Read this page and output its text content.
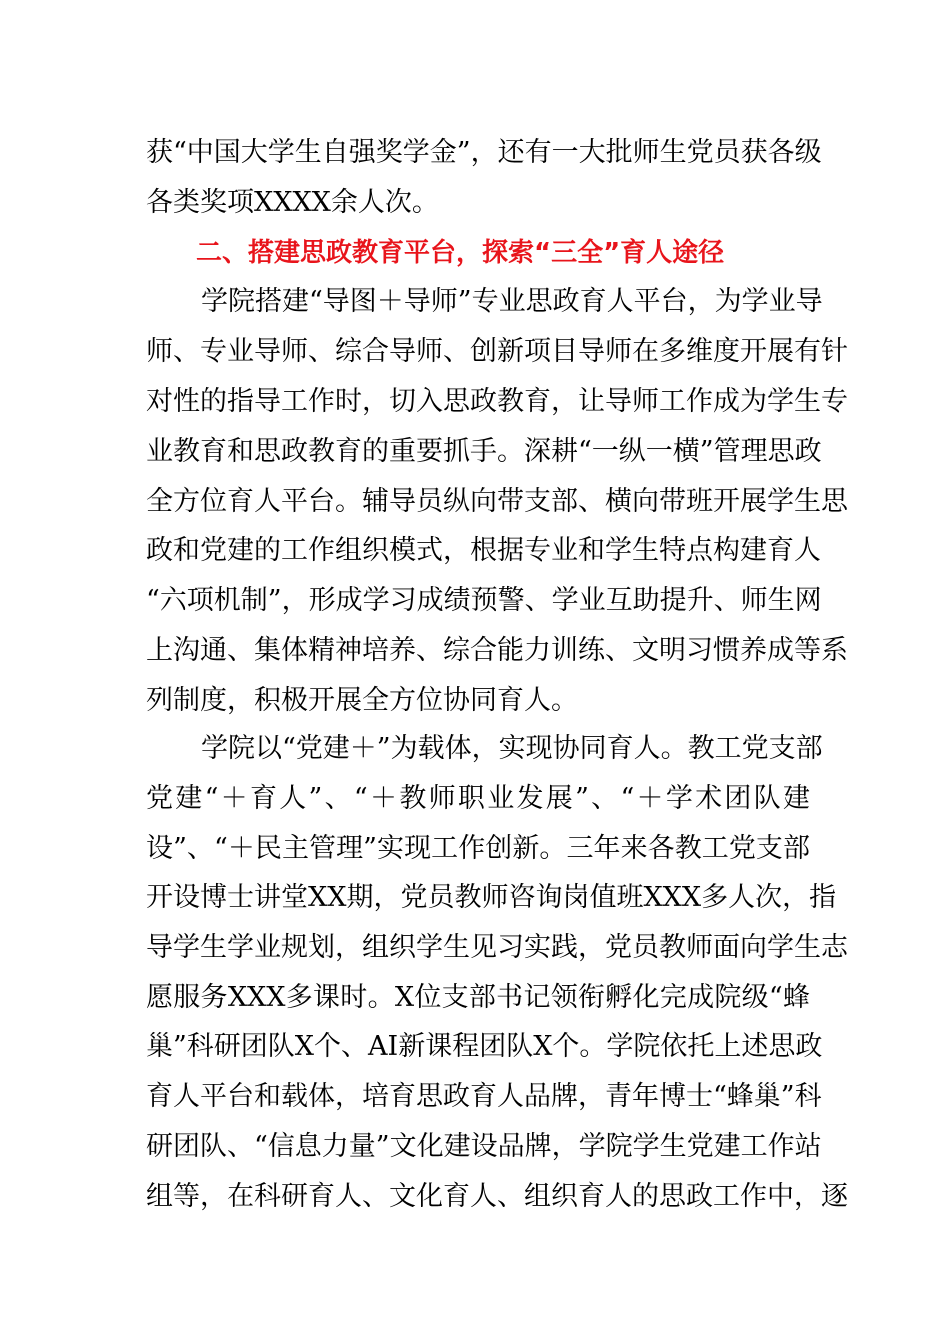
获“中国大学生自强奖学金”，还有一大批师生党员获各级
各类奖项XXXX余人次。
二、搭建思政教育平台，探索“三全”育人途径
学院搭建“导图＋导师”专业思政育人平台，为学业导
师、专业导师、综合导师、创新项目导师在多维度开展有针
对性的指导工作时，切入思政教育，让导师工作成为学生专
业教育和思政教育的重要抓手。深耕“一纵一横”管理思政
全方位育人平台。辅导员纵向带支部、横向带班开展学生思
政和党建的工作组织模式，根据专业和学生特点构建育人
“六项机制”，形成学习成绩预警、学业互助提升、师生网
上沟通、集体精神培养、综合能力训练、文明习惯养成等系
列制度，积极开展全方位协同育人。
学院以“党建＋”为载体，实现协同育人。教工党支部
党建“＋育人”、“＋教师职业发展”、“＋学术团队建
设”、“＋民主管理”实现工作创新。三年来各教工党支部
开设博士讲堂XX期，党员教师咨询岗值班XXX多人次，指
导学生学业规划，组织学生见习实践，党员教师面向学生志
愿服务XXX多课时。X位支部书记领衔孵化完成院级“蜂
巢”科研团队X个、AI新课程团队X个。学院依托上述思政
育人平台和载体，培育思政育人品牌，青年博士“蜂巢”科
研团队、“信息力量”文化建设品牌，学院学生党建工作站
组等，在科研育人、文化育人、组织育人的思政工作中，逐
